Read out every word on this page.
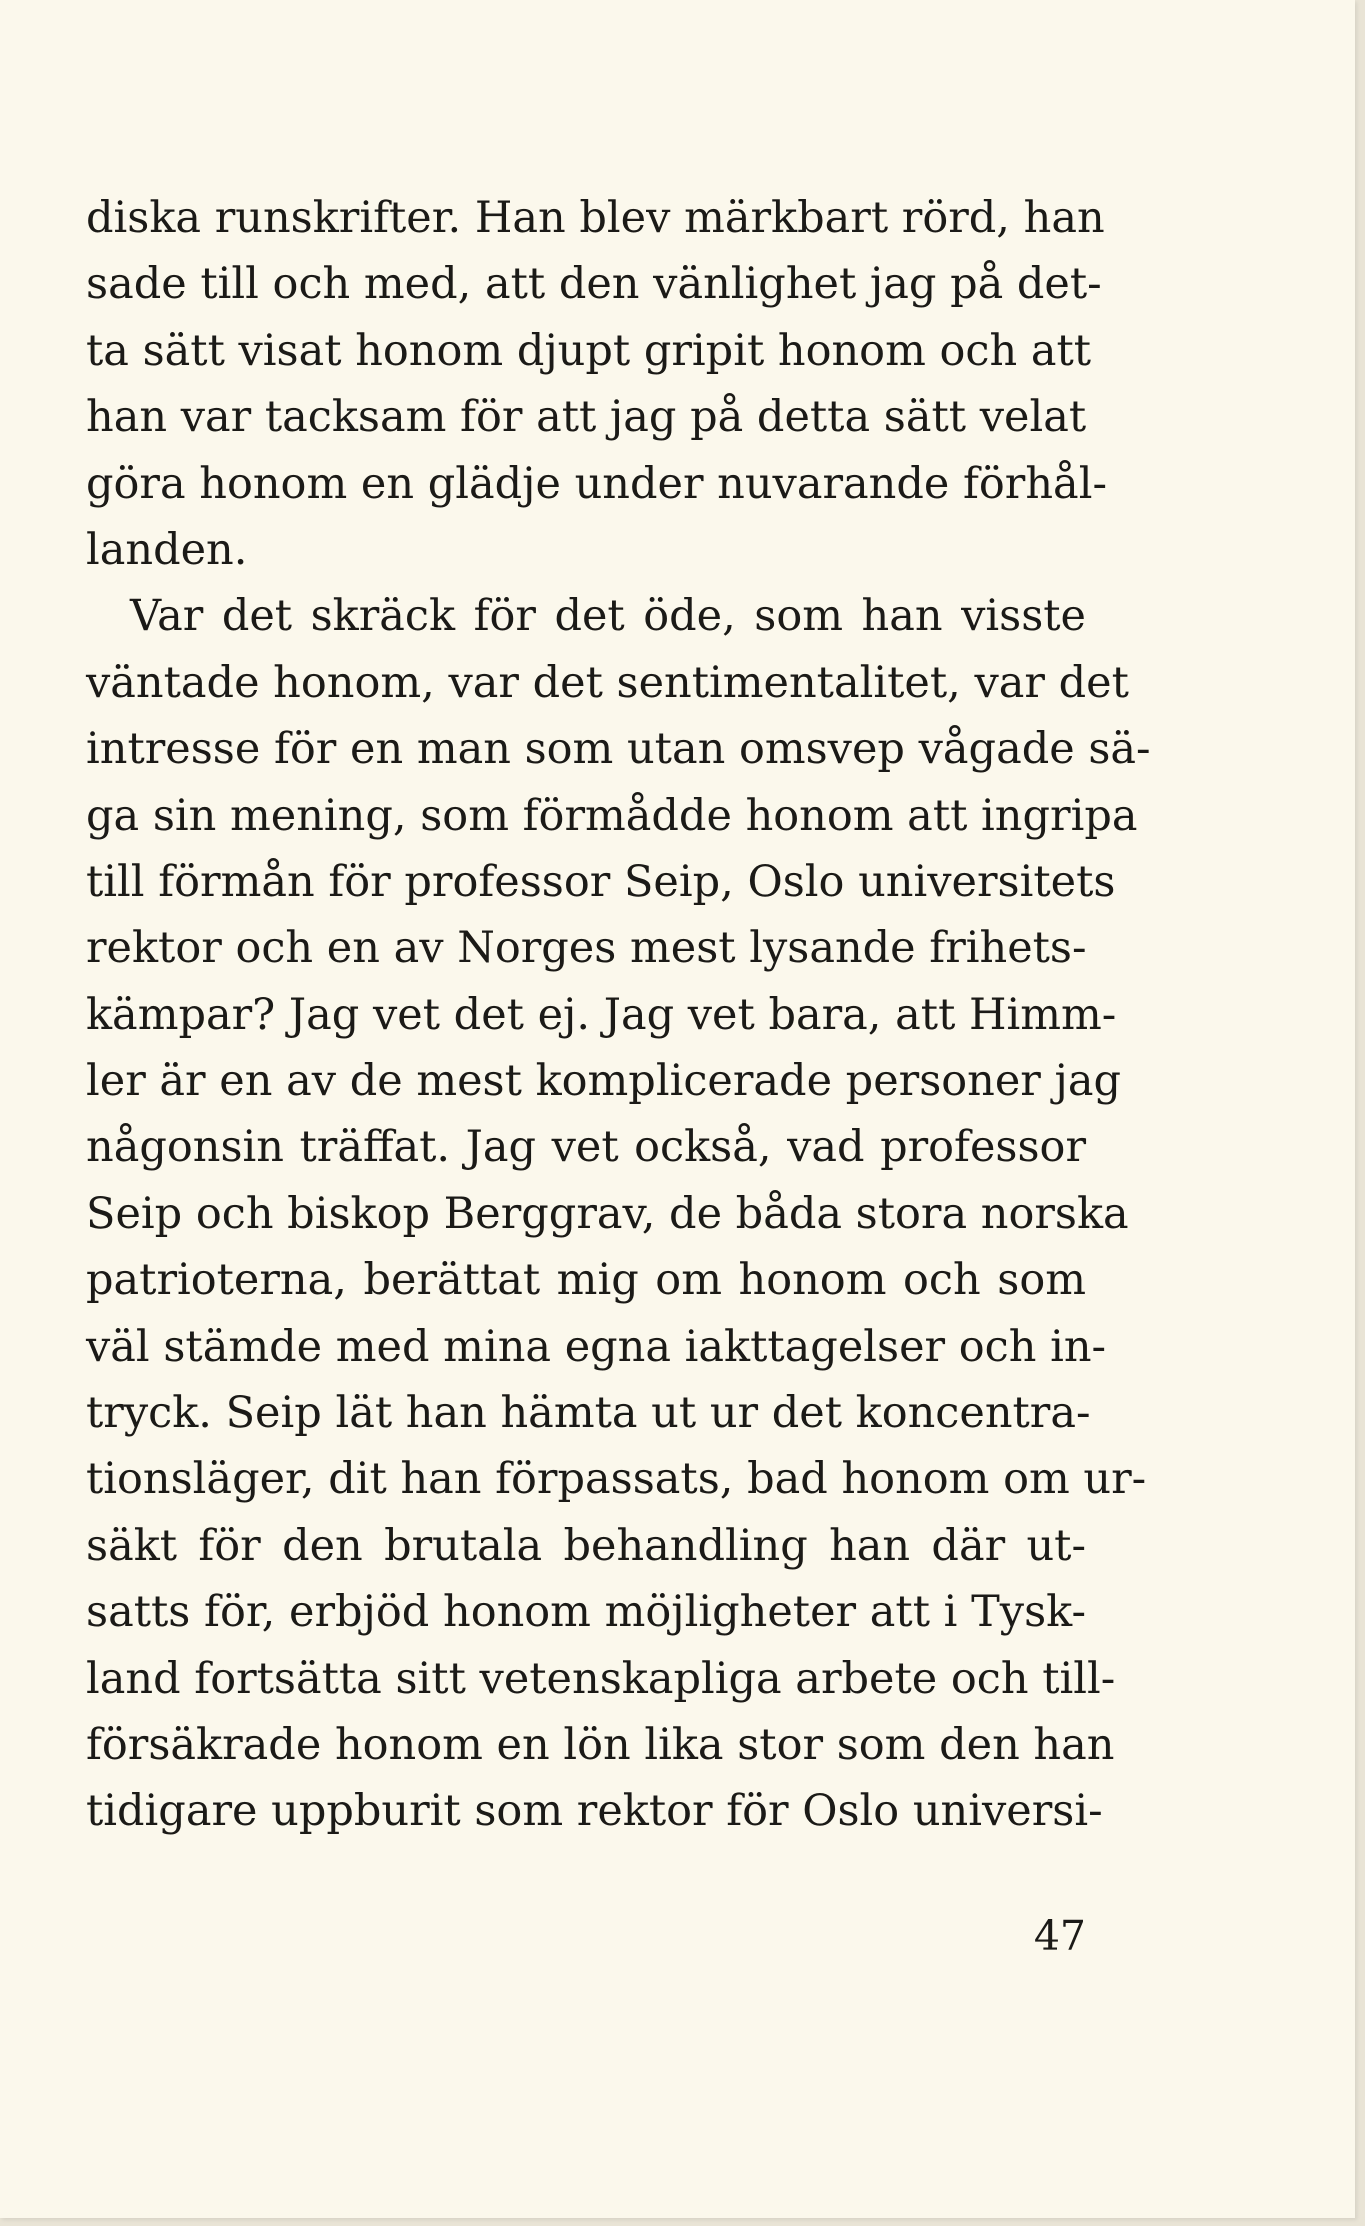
diska runskrifter. Han blev märkbart rörd, han
sade till och med, att den vänlighet jag på det-
ta sätt visat honom djupt gripit honom och att
han var tacksam för att jag på detta sätt velat
göra honom en glädje under nuvarande förhål-
landen.
Var det skräck för det öde, som han visste
väntade honom, var det sentimentalitet, var det
intresse för en man som utan omsvep vågade sä-
ga sin mening, som förmådde honom att ingripa
till förmån för professor Seip, Oslo universitets
rektor och en av Norges mest lysande frihets-
kämpar? Jag vet det ej. Jag vet bara, att Himm-
ler är en av de mest komplicerade personer jag
någonsin träffat. Jag vet också, vad professor
Seip och biskop Berggrav, de båda stora norska
patrioterna, berättat mig om honom och som
väl stämde med mina egna iakttagelser och in-
tryck. Seip lät han hämta ut ur det koncentra-
tionsläger, dit han förpassats, bad honom om ur-
säkt för den brutala behandling han där ut-
satts för, erbjöd honom möjligheter att i Tysk-
land fortsätta sitt vetenskapliga arbete och till-
försäkrade honom en lön lika stor som den han
tidigare uppburit som rektor för Oslo universi-
47
